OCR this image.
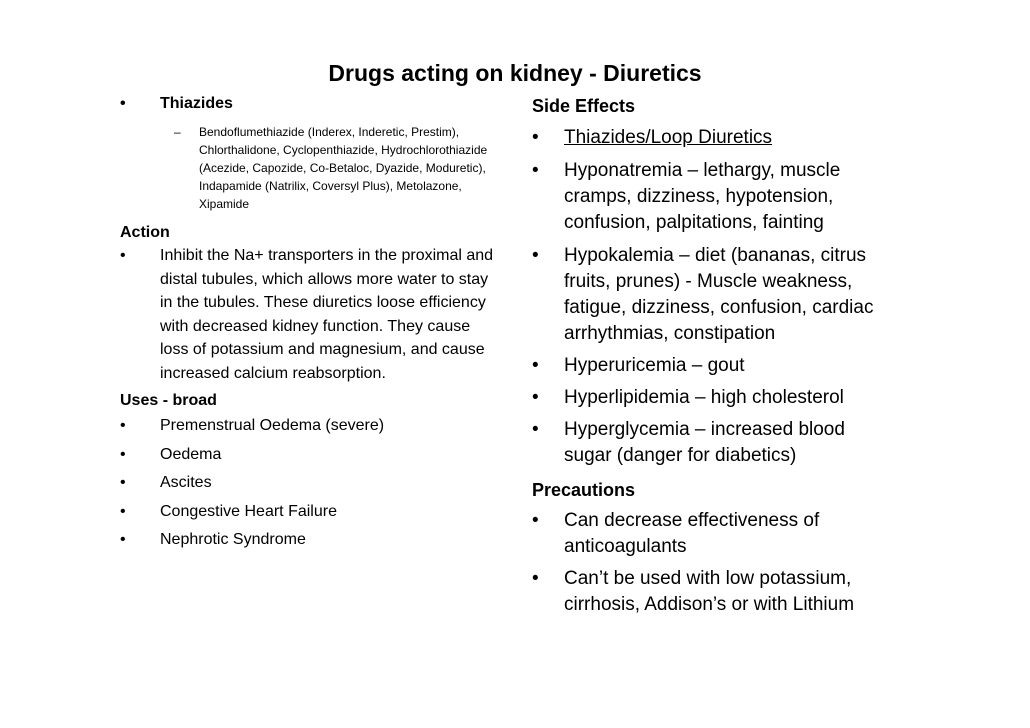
Drugs acting on kidney - Diuretics
• Thiazides
– Bendoflumethiazide (Inderex, Inderetic, Prestim), Chlorthalidone, Cyclopenthiazide, Hydrochlorothiazide (Acezide, Capozide, Co-Betaloc, Dyazide, Moduretic), Indapamide (Natrilix, Coversyl Plus), Metolazone, Xipamide
Action
• Inhibit the Na+ transporters in the proximal and distal tubules, which allows more water to stay in the tubules. These diuretics loose efficiency with decreased kidney function. They cause loss of potassium and magnesium, and cause increased calcium reabsorption.
Uses - broad
• Premenstrual Oedema (severe)
• Oedema
• Ascites
• Congestive Heart Failure
• Nephrotic Syndrome
Side Effects
• Thiazides/Loop Diuretics
• Hyponatremia – lethargy, muscle cramps, dizziness, hypotension, confusion, palpitations, fainting
• Hypokalemia – diet (bananas, citrus fruits, prunes) - Muscle weakness, fatigue, dizziness, confusion, cardiac arrhythmias, constipation
• Hyperuricemia – gout
• Hyperlipidemia – high cholesterol
• Hyperglycemia – increased blood sugar (danger for diabetics)
Precautions
• Can decrease effectiveness of anticoagulants
• Can’t be used with low potassium, cirrhosis, Addison’s or with Lithium
